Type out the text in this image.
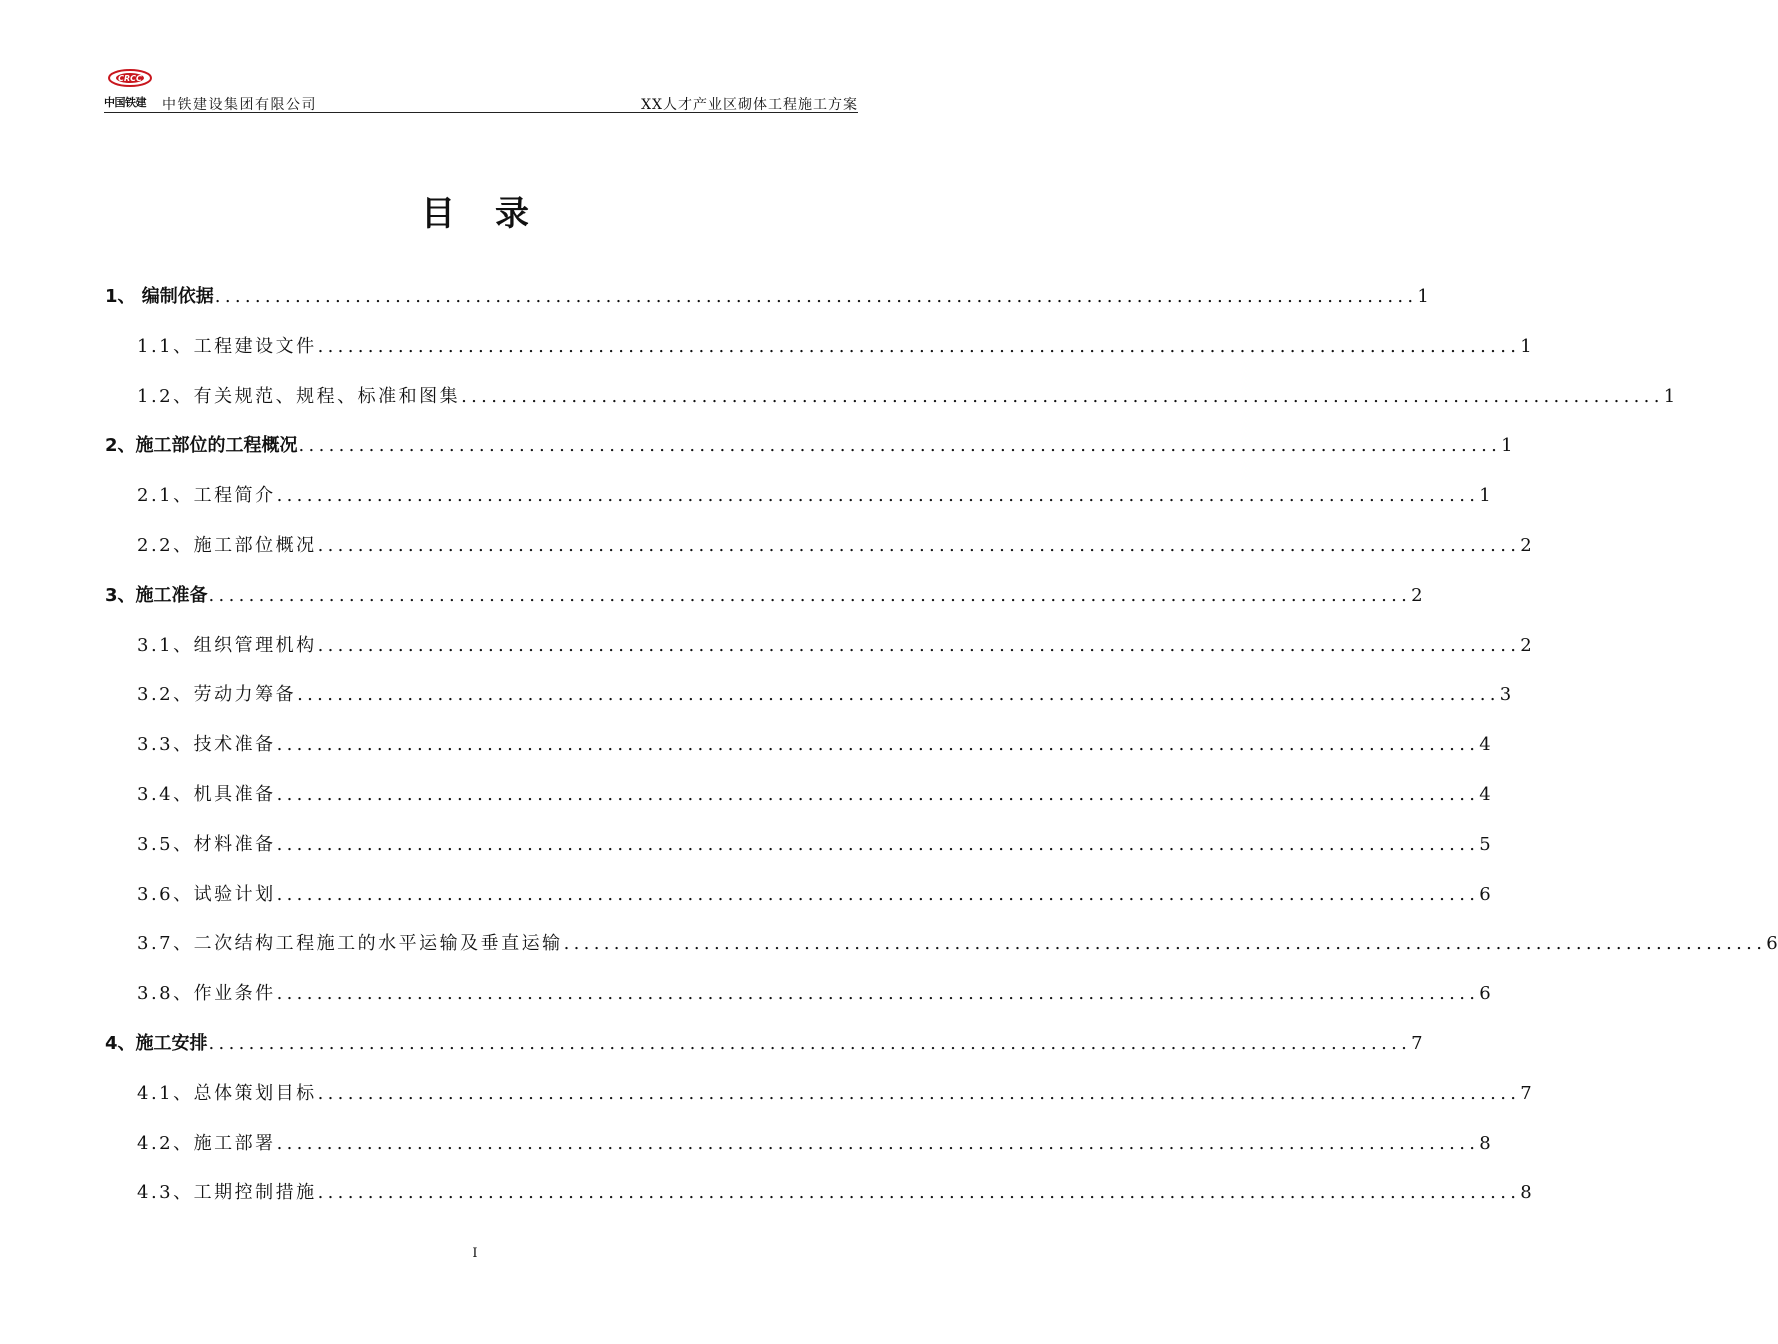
CRCC
中国铁建 中铁建设集团有限公司	XX人才产业区砌体工程施工方案
目录
1、 编制依据 ........................................................................................................................ 1
1.1、工程建设文件 ........................................................................................................................ 1
1.2、有关规范、规程、标准和图集 ........................................................................................................................ 1
2、施工部位的工程概况 ........................................................................................................................ 1
2.1、工程简介 ........................................................................................................................ 1
2.2、施工部位概况 ........................................................................................................................ 2
3、施工准备 ........................................................................................................................ 2
3.1、组织管理机构 ........................................................................................................................ 2
3.2、劳动力筹备 ........................................................................................................................ 3
3.3、技术准备 ........................................................................................................................ 4
3.4、机具准备 ........................................................................................................................ 4
3.5、材料准备 ........................................................................................................................ 5
3.6、试验计划 ........................................................................................................................ 6
3.7、二次结构工程施工的水平运输及垂直运输 ........................................................................................................................ 6
3.8、作业条件 ........................................................................................................................ 6
4、施工安排 ........................................................................................................................ 7
4.1、总体策划目标 ........................................................................................................................ 7
4.2、施工部署 ........................................................................................................................ 8
4.3、工期控制措施 ........................................................................................................................ 8
I
